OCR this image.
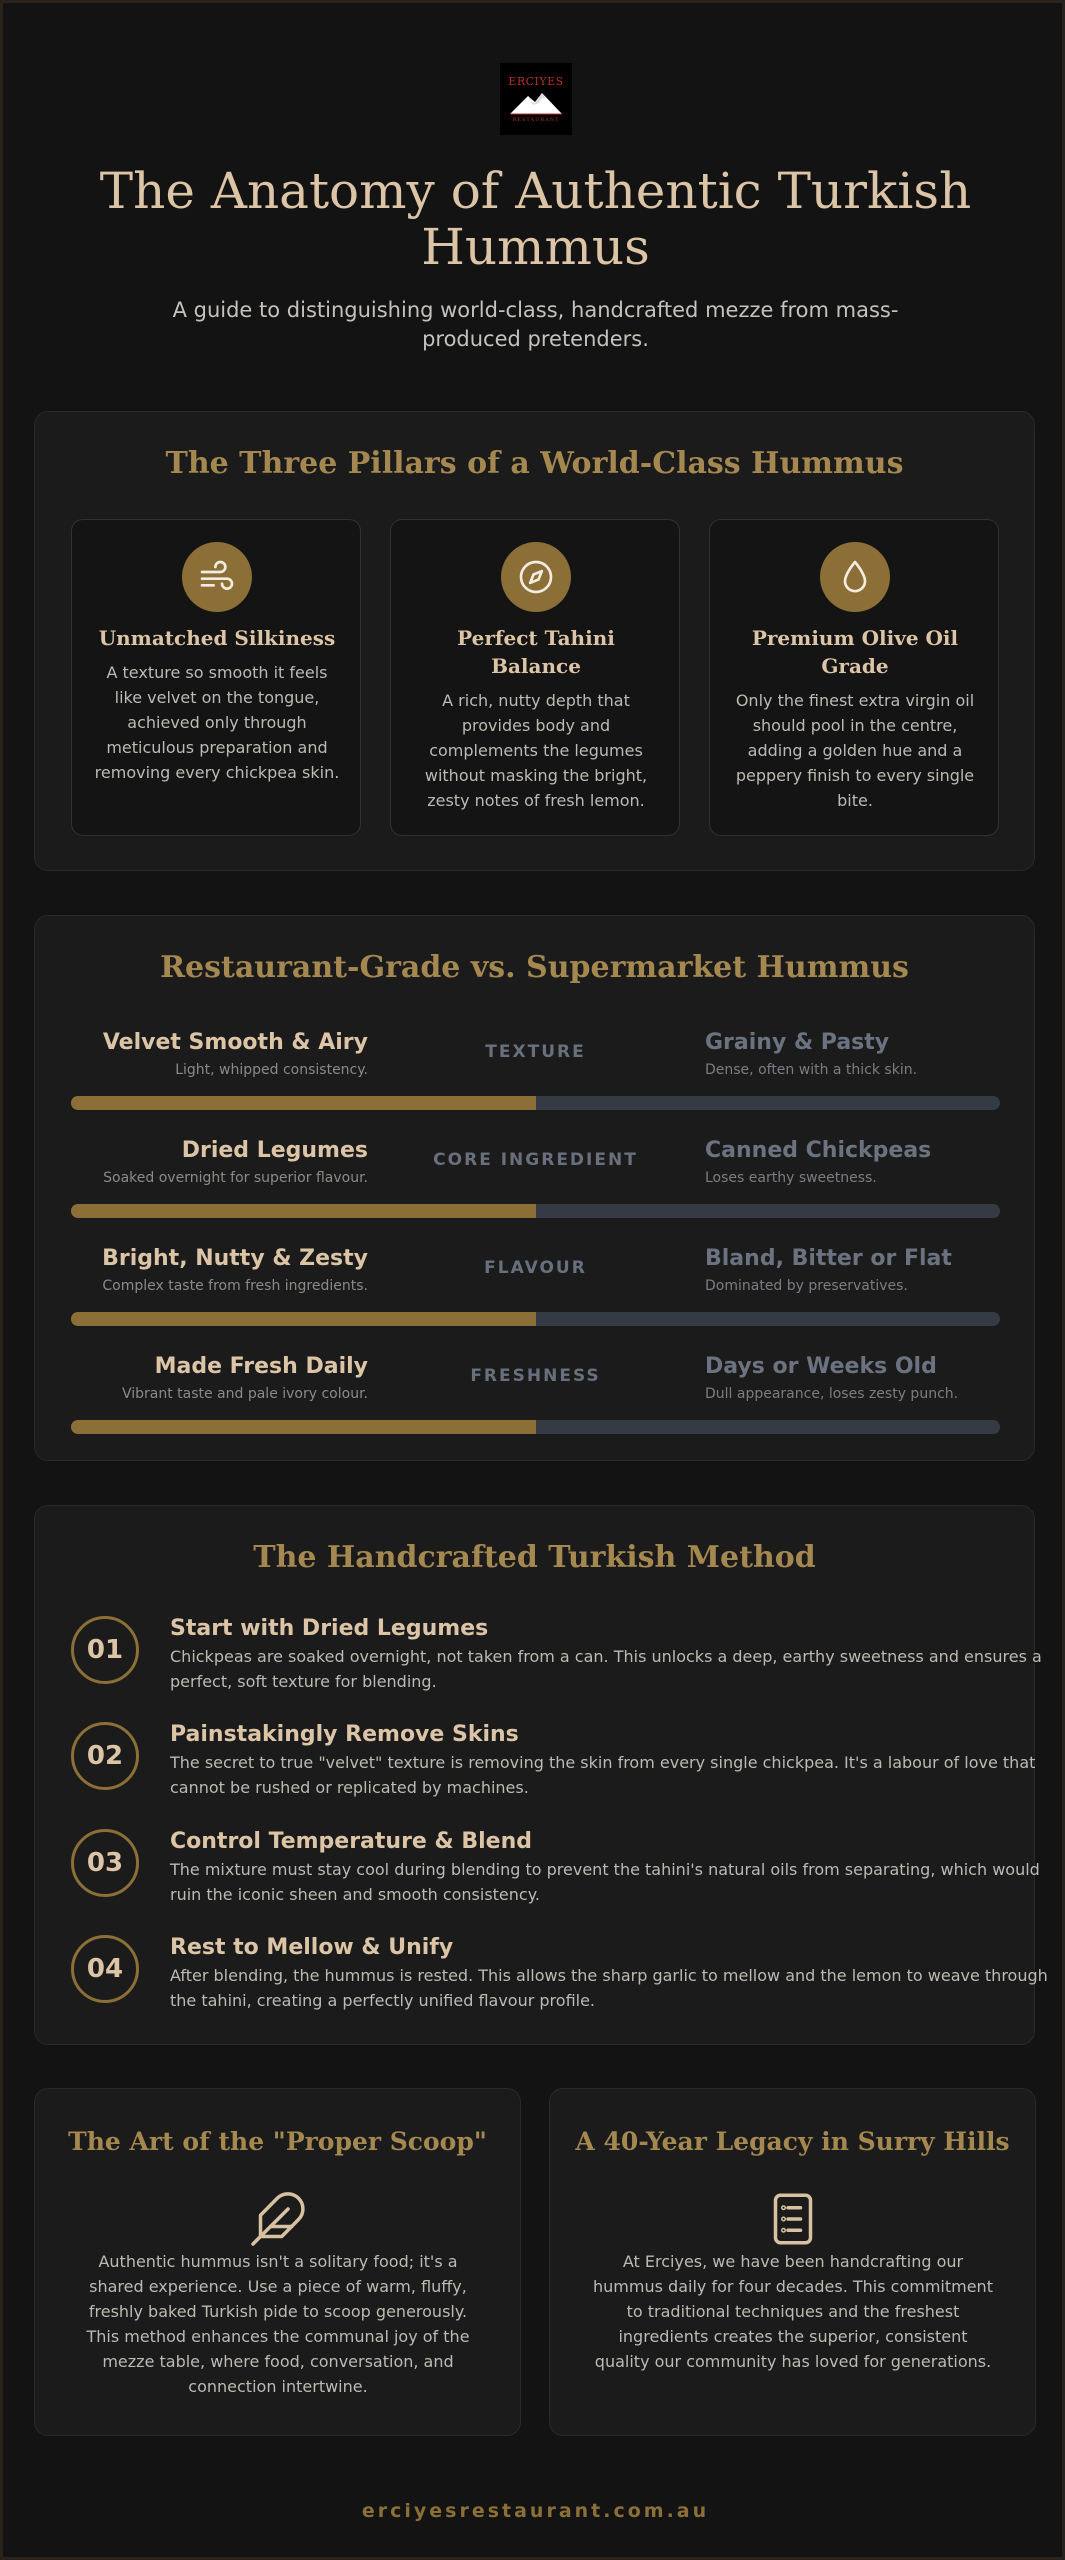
ERCIYES
RESTAURANT
The Anatomy of Authentic Turkish Hummus

A guide to distinguishing world-class, handcrafted mezze from mass-produced pretenders.

The Three Pillars of a World-Class Hummus
Unmatched Silkiness
A texture so smooth it feels like velvet on the tongue, achieved only through meticulous preparation and removing every chickpea skin.
Perfect Tahini Balance
A rich, nutty depth that provides body and complements the legumes without masking the bright, zesty notes of fresh lemon.
Premium Olive Oil Grade
Only the finest extra virgin oil should pool in the centre, adding a golden hue and a peppery finish to every single bite.
Restaurant-Grade vs. Supermarket Hummus
Velvet Smooth & Airy
Light, whipped consistency.
TEXTURE	Grainy & Pasty
Dense, often with a thick skin.
Dried Legumes
Soaked overnight for superior flavour.
CORE INGREDIENT	Canned Chickpeas
Loses earthy sweetness.
Bright, Nutty & Zesty
Complex taste from fresh ingredients.
FLAVOUR	Bland, Bitter or Flat
Dominated by preservatives.
Made Fresh Daily
Vibrant taste and pale ivory colour.
FRESHNESS	Days or Weeks Old
Dull appearance, loses zesty punch.
The Handcrafted Turkish Method
01
Start with Dried Legumes
Chickpeas are soaked overnight, not taken from a can. This unlocks a deep, earthy sweetness and ensures a perfect, soft texture for blending.
02
Painstakingly Remove Skins
The secret to true "velvet" texture is removing the skin from every single chickpea. It's a labour of love that cannot be rushed or replicated by machines.
03
Control Temperature & Blend
The mixture must stay cool during blending to prevent the tahini's natural oils from separating, which would ruin the iconic sheen and smooth consistency.
04
Rest to Mellow & Unify
After blending, the hummus is rested. This allows the sharp garlic to mellow and the lemon to weave through the tahini, creating a perfectly unified flavour profile.
The Art of the "Proper Scoop"

Authentic hummus isn't a solitary food; it's a shared experience. Use a piece of warm, fluffy, freshly baked Turkish pide to scoop generously. This method enhances the communal joy of the mezze table, where food, conversation, and connection intertwine.

A 40-Year Legacy in Surry Hills

At Erciyes, we have been handcrafting our hummus daily for four decades. This commitment to traditional techniques and the freshest ingredients creates the superior, consistent quality our community has loved for generations.

erciyesrestaurant.com.au
